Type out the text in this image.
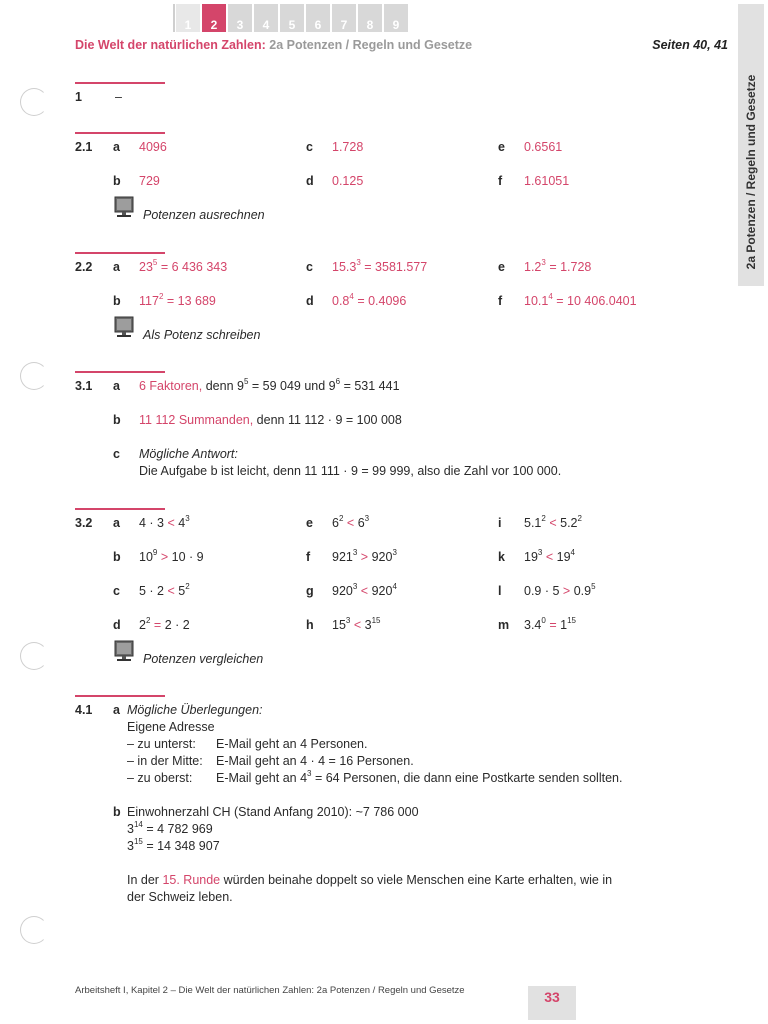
1	2	3	4	5	6	7	8	9
Die Welt der natürlichen Zahlen: 2a Potenzen / Regeln und Gesetze	Seiten 40, 41
2a Potenzen / Regeln und Gesetze
1	–
2.1 a 4096	c 1.728	e 0.6561
b 729	d 0.125	f 1.61051
Potenzen ausrechnen
2.2 a $23^5 = 6$ 436 343	c $15.3^3 = 3581.577$	e $1.2^3 = 1.728$
b $117^2 = 13$ 689	d $0.8^4 = 0.4096$	f $10.1^4 = 10$ 406.0401
Als Potenz schreiben
3.1 a 6 Faktoren, denn $9^5 = 59$ 049 und $9^6 = 531$ 441
b 11 112 Summanden, denn 11 112 · 9 = 100 008
c Mögliche Antwort:
Die Aufgabe b ist leicht, denn 11 111 · 9 = 99 999, also die Zahl vor 100 000.
3.2 a $4 \cdot 3 < 4^3$	e $6^2 < 6^3$	i $5.1^2 < 5.2^2$
b $10^9 > 10 \cdot 9$	f $921^3 > 920^3$	k $19^3 < 19^4$
c $5 \cdot 2 < 5^2$	g $920^3 < 920^4$	l $0.9 \cdot 5 > 0.9^5$
d $2^2 = 2 \cdot 2$	h $15^3 < 3^{15}$	m $3.4^0 = 1^{15}$
Potenzen vergleichen
4.1 a Mögliche Überlegungen:
Eigene Adresse
– zu unterst: E-Mail geht an 4 Personen.
– in der Mitte: E-Mail geht an 4 · 4 = 16 Personen.
– zu oberst: E-Mail geht an $4^3 = 64$ Personen, die dann eine Postkarte senden sollten.
b Einwohnerzahl CH (Stand Anfang 2010): ~7 786 000
$3^{14} = 4$ 782 969
$3^{15} = 14$ 348 907
In der 15. Runde würden beinahe doppelt so viele Menschen eine Karte erhalten, wie in
der Schweiz leben.
Arbeitsheft I, Kapitel 2 – Die Welt der natürlichen Zahlen: 2a Potenzen / Regeln und Gesetze	33
